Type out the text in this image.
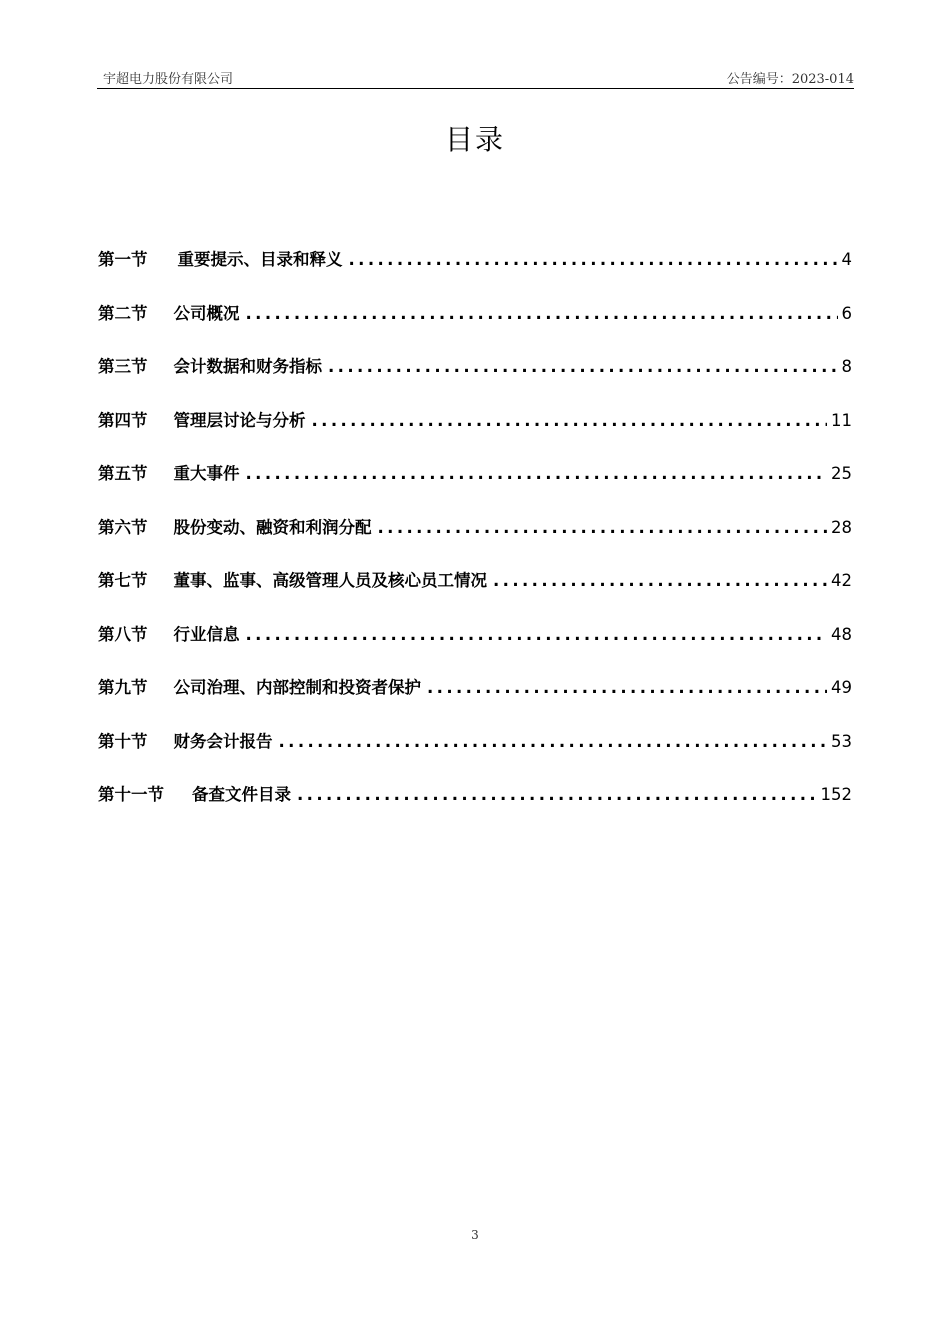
宇超电力股份有限公司	公告编号：2023-014
目录
第一节 重要提示、目录和释义 .....	4
第二节 公司概况 .....	6
第三节 会计数据和财务指标 .....	8
第四节 管理层讨论与分析 .....	11
第五节 重大事件 .....	25
第六节 股份变动、融资和利润分配 .....	28
第七节 董事、监事、高级管理人员及核心员工情况 .....	42
第八节 行业信息 .....	48
第九节 公司治理、内部控制和投资者保护 .....	49
第十节 财务会计报告 .....	53
第十一节 备查文件目录 .....	152
3
